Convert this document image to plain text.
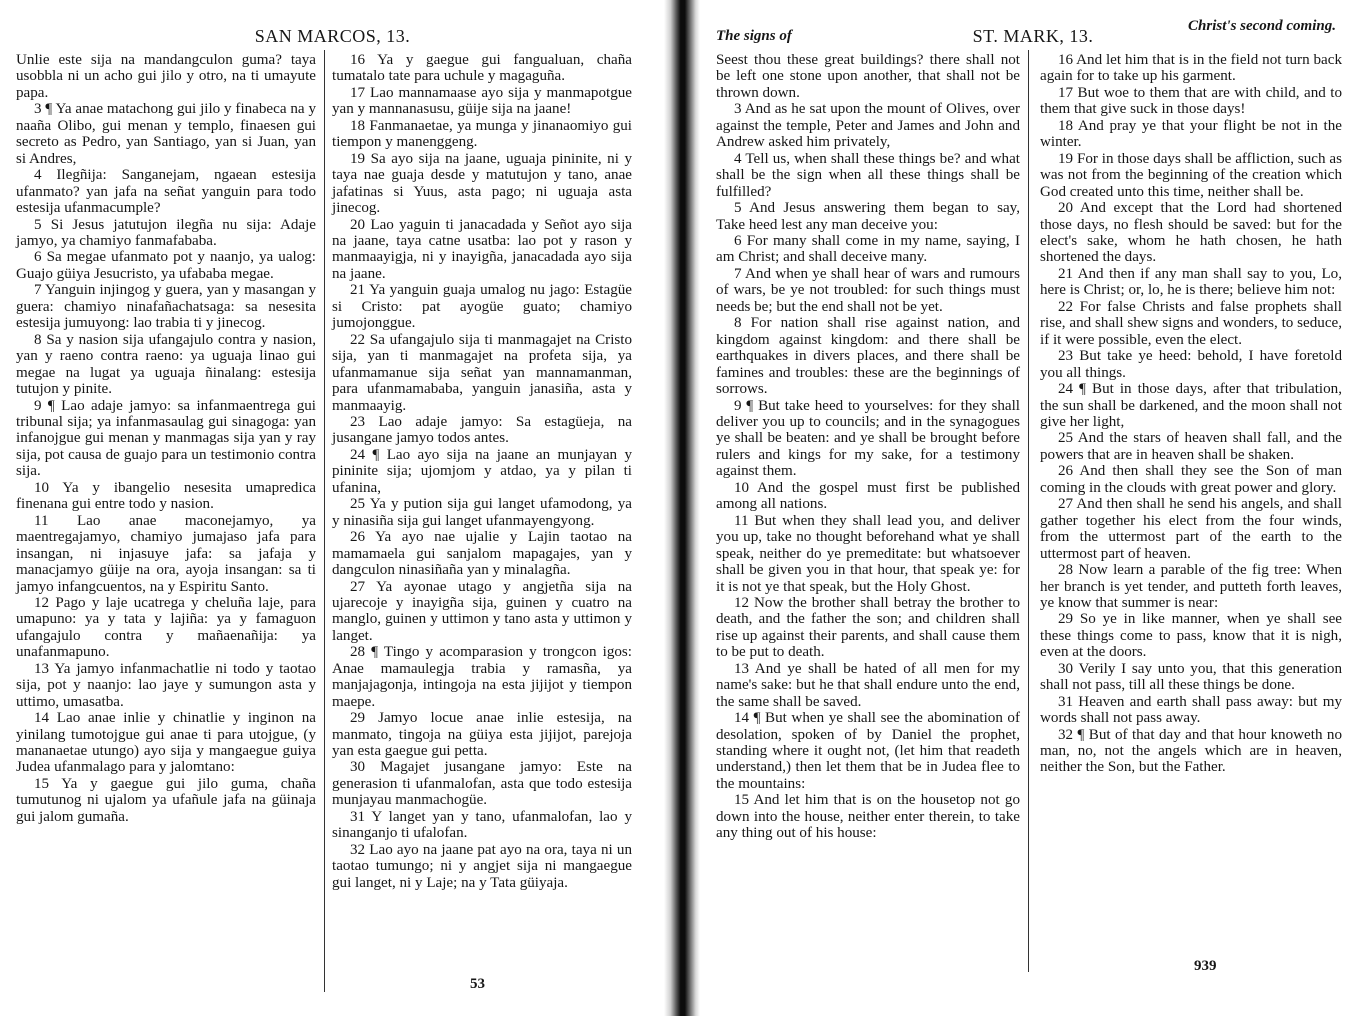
SAN MARCOS, 13.

Unlie este sija na mandangculon guma? taya usobbla ni un acho gui jilo y otro, na ti umayute papa.

3 ¶ Ya anae matachong gui jilo y finabeca na y naaña Olibo, gui menan y templo, finaesen gui secreto as Pedro, yan Santiago, yan si Juan, yan si Andres,

4 Ilegñija: Sanganejam, ngaean estesija ufanmato? yan jafa na señat yanguin para todo estesija ufanmacumple?

5 Si Jesus jatutujon ilegña nu sija: Adaje jamyo, ya chamiyo fanmafababa.

6 Sa megae ufanmato pot y naanjo, ya ualog: Guajo güiya Jesucristo, ya ufababa megae.

7 Yanguin injingog y guera, yan y masangan y guera: chamiyo ninafañachatsaga: sa nesesita estesija jumuyong: lao trabia ti y jinecog.

8 Sa y nasion sija ufangajulo contra y nasion, yan y raeno contra raeno: ya uguaja linao gui megae na lugat ya uguaja ñinalang: estesija tutujon y pinite.

9 ¶ Lao adaje jamyo: sa infanmaentrega gui tribunal sija; ya infanmasaulag gui sinagoga: yan infanojgue gui menan y manmagas sija yan y ray sija, pot causa de guajo para un testimonio contra sija.

10 Ya y ibangelio nesesita umapredica finenana gui entre todo y nasion.

11 Lao anae maconejamyo, ya maentregajamyo, chamiyo jumajaso jafa para insangan, ni injasuye jafa: sa jafaja y manacjamyo güije na ora, ayoja insangan: sa ti jamyo infangcuentos, na y Espiritu Santo.

12 Pago y laje ucatrega y cheluña laje, para umapuno: ya y tata y lajiña: ya y famaguon ufangajulo contra y mañaenañija: ya unafanmapuno.

13 Ya jamyo infanmachatlie ni todo y taotao sija, pot y naanjo: lao jaye y sumungon asta y uttimo, umasatba.

14 Lao anae inlie y chinatlie y inginon na yinilang tumotojgue gui anae ti para utojgue, (y mananaetae utungo) ayo sija y mangaegue guiya Judea ufanmalago para y jalomtano:

15 Ya y gaegue gui jilo guma, chaña tumutunog ni ujalom ya ufañule jafa na güinaja gui jalom gumaña.

16 Ya y gaegue gui fangualuan, chaña tumatalo tate para uchule y magaguña.

17 Lao mannamaase ayo sija y manmapotgue yan y mannanasusu, güije sija na jaane!

18 Fanmanaetae, ya munga y jinanaomiyo gui tiempon y manenggeng.

19 Sa ayo sija na jaane, uguaja pininite, ni y taya nae guaja desde y matutujon y tano, anae jafatinas si Yuus, asta pago; ni uguaja asta jinecog.

20 Lao yaguin ti janacadada y Señot ayo sija na jaane, taya catne usatba: lao pot y rason y manmaayigja, ni y inayigña, janacadada ayo sija na jaane.

21 Ya yanguin guaja umalog nu jago: Estagüe si Cristo: pat ayogüe guato; chamiyo jumojonggue.

22 Sa ufangajulo sija ti manmagajet na Cristo sija, yan ti manmagajet na profeta sija, ya ufanmamanue sija señat yan mannamanman, para ufanmamababa, yanguin janasiña, asta y manmaayig.

23 Lao adaje jamyo: Sa estagüeja, na jusangane jamyo todos antes.

24 ¶ Lao ayo sija na jaane an munjayan y pininite sija; ujomjom y atdao, ya y pilan ti ufanina,

25 Ya y pution sija gui langet ufamodong, ya y ninasiña sija gui langet ufanmayengyong.

26 Ya ayo nae ujalie y Lajin taotao na mamamaela gui sanjalom mapagajes, yan y dangculon ninasiñaña yan y minalagña.

27 Ya ayonae utago y angjetña sija na ujarecoje y inayigña sija, guinen y cuatro na manglo, guinen y uttimon y tano asta y uttimon y langet.

28 ¶ Tingo y acomparasion y trongcon igos: Anae mamaulegja trabia y ramasña, ya manjajagonja, intingoja na esta jijijot y tiempon maepe.

29 Jamyo locue anae inlie estesija, na manmato, tingoja na güiya esta jijijot, parejoja yan esta gaegue gui petta.

30 Magajet jusangane jamyo: Este na generasion ti ufanmalofan, asta que todo estesija munjayau manmachogüe.

31 Y langet yan y tano, ufanmalofan, lao y sinanganjo ti ufalofan.

32 Lao ayo na jaane pat ayo na ora, taya ni un taotao tumungo; ni y angjet sija ni mangaegue gui langet, ni y Laje; na y Tata güiyaja.

53
The signs of	ST. MARK, 13.	Christ's second coming.

Seest thou these great buildings? there shall not be left one stone upon another, that shall not be thrown down.

3 And as he sat upon the mount of Olives, over against the temple, Peter and James and John and Andrew asked him privately,

4 Tell us, when shall these things be? and what shall be the sign when all these things shall be fulfilled?

5 And Jesus answering them began to say, Take heed lest any man deceive you:

6 For many shall come in my name, saying, I am Christ; and shall deceive many.

7 And when ye shall hear of wars and rumours of wars, be ye not troubled: for such things must needs be; but the end shall not be yet.

8 For nation shall rise against nation, and kingdom against kingdom: and there shall be earthquakes in divers places, and there shall be famines and troubles: these are the beginnings of sorrows.

9 ¶ But take heed to yourselves: for they shall deliver you up to councils; and in the synagogues ye shall be beaten: and ye shall be brought before rulers and kings for my sake, for a testimony against them.

10 And the gospel must first be published among all nations.

11 But when they shall lead you, and deliver you up, take no thought beforehand what ye shall speak, neither do ye premeditate: but whatsoever shall be given you in that hour, that speak ye: for it is not ye that speak, but the Holy Ghost.

12 Now the brother shall betray the brother to death, and the father the son; and children shall rise up against their parents, and shall cause them to be put to death.

13 And ye shall be hated of all men for my name's sake: but he that shall endure unto the end, the same shall be saved.

14 ¶ But when ye shall see the abomination of desolation, spoken of by Daniel the prophet, standing where it ought not, (let him that readeth understand,) then let them that be in Judea flee to the mountains:

15 And let him that is on the housetop not go down into the house, neither enter therein, to take any thing out of his house:

16 And let him that is in the field not turn back again for to take up his garment.

17 But woe to them that are with child, and to them that give suck in those days!

18 And pray ye that your flight be not in the winter.

19 For in those days shall be affliction, such as was not from the beginning of the creation which God created unto this time, neither shall be.

20 And except that the Lord had shortened those days, no flesh should be saved: but for the elect's sake, whom he hath chosen, he hath shortened the days.

21 And then if any man shall say to you, Lo, here is Christ; or, lo, he is there; believe him not:

22 For false Christs and false prophets shall rise, and shall shew signs and wonders, to seduce, if it were possible, even the elect.

23 But take ye heed: behold, I have foretold you all things.

24 ¶ But in those days, after that tribulation, the sun shall be darkened, and the moon shall not give her light,

25 And the stars of heaven shall fall, and the powers that are in heaven shall be shaken.

26 And then shall they see the Son of man coming in the clouds with great power and glory.

27 And then shall he send his angels, and shall gather together his elect from the four winds, from the uttermost part of the earth to the uttermost part of heaven.

28 Now learn a parable of the fig tree: When her branch is yet tender, and putteth forth leaves, ye know that summer is near:

29 So ye in like manner, when ye shall see these things come to pass, know that it is nigh, even at the doors.

30 Verily I say unto you, that this generation shall not pass, till all these things be done.

31 Heaven and earth shall pass away: but my words shall not pass away.

32 ¶ But of that day and that hour knoweth no man, no, not the angels which are in heaven, neither the Son, but the Father.

939
